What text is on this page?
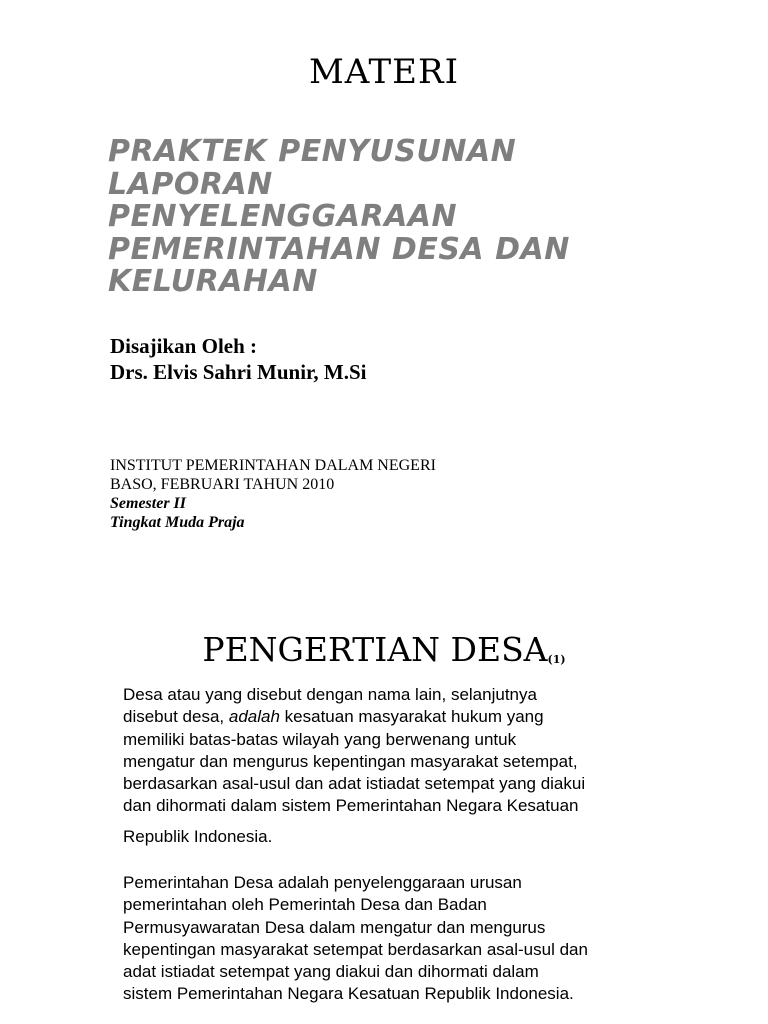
MATERI
PRAKTEK PENYUSUNAN
LAPORAN
PENYELENGGARAAN
PEMERINTAHAN DESA DAN
KELURAHAN
Disajikan Oleh :
Drs. Elvis Sahri Munir, M.Si
INSTITUT PEMERINTAHAN DALAM NEGERI
BASO, FEBRUARI TAHUN 2010
Semester II
Tingkat Muda Praja
PENGERTIAN $DESA_{(1)}$
Desa atau yang disebut dengan nama lain, selanjutnya
disebut desa, adalah kesatuan masyarakat hukum yang
memiliki batas-batas wilayah yang berwenang untuk
mengatur dan mengurus kepentingan masyarakat setempat,
berdasarkan asal-usul dan adat istiadat setempat yang diakui
dan dihormati dalam sistem Pemerintahan Negara Kesatuan
Republik Indonesia.
Pemerintahan Desa adalah penyelenggaraan urusan
pemerintahan oleh Pemerintah Desa dan Badan
Permusyawaratan Desa dalam mengatur dan mengurus
kepentingan masyarakat setempat berdasarkan asal-usul dan
adat istiadat setempat yang diakui dan dihormati dalam
sistem Pemerintahan Negara Kesatuan Republik Indonesia.
